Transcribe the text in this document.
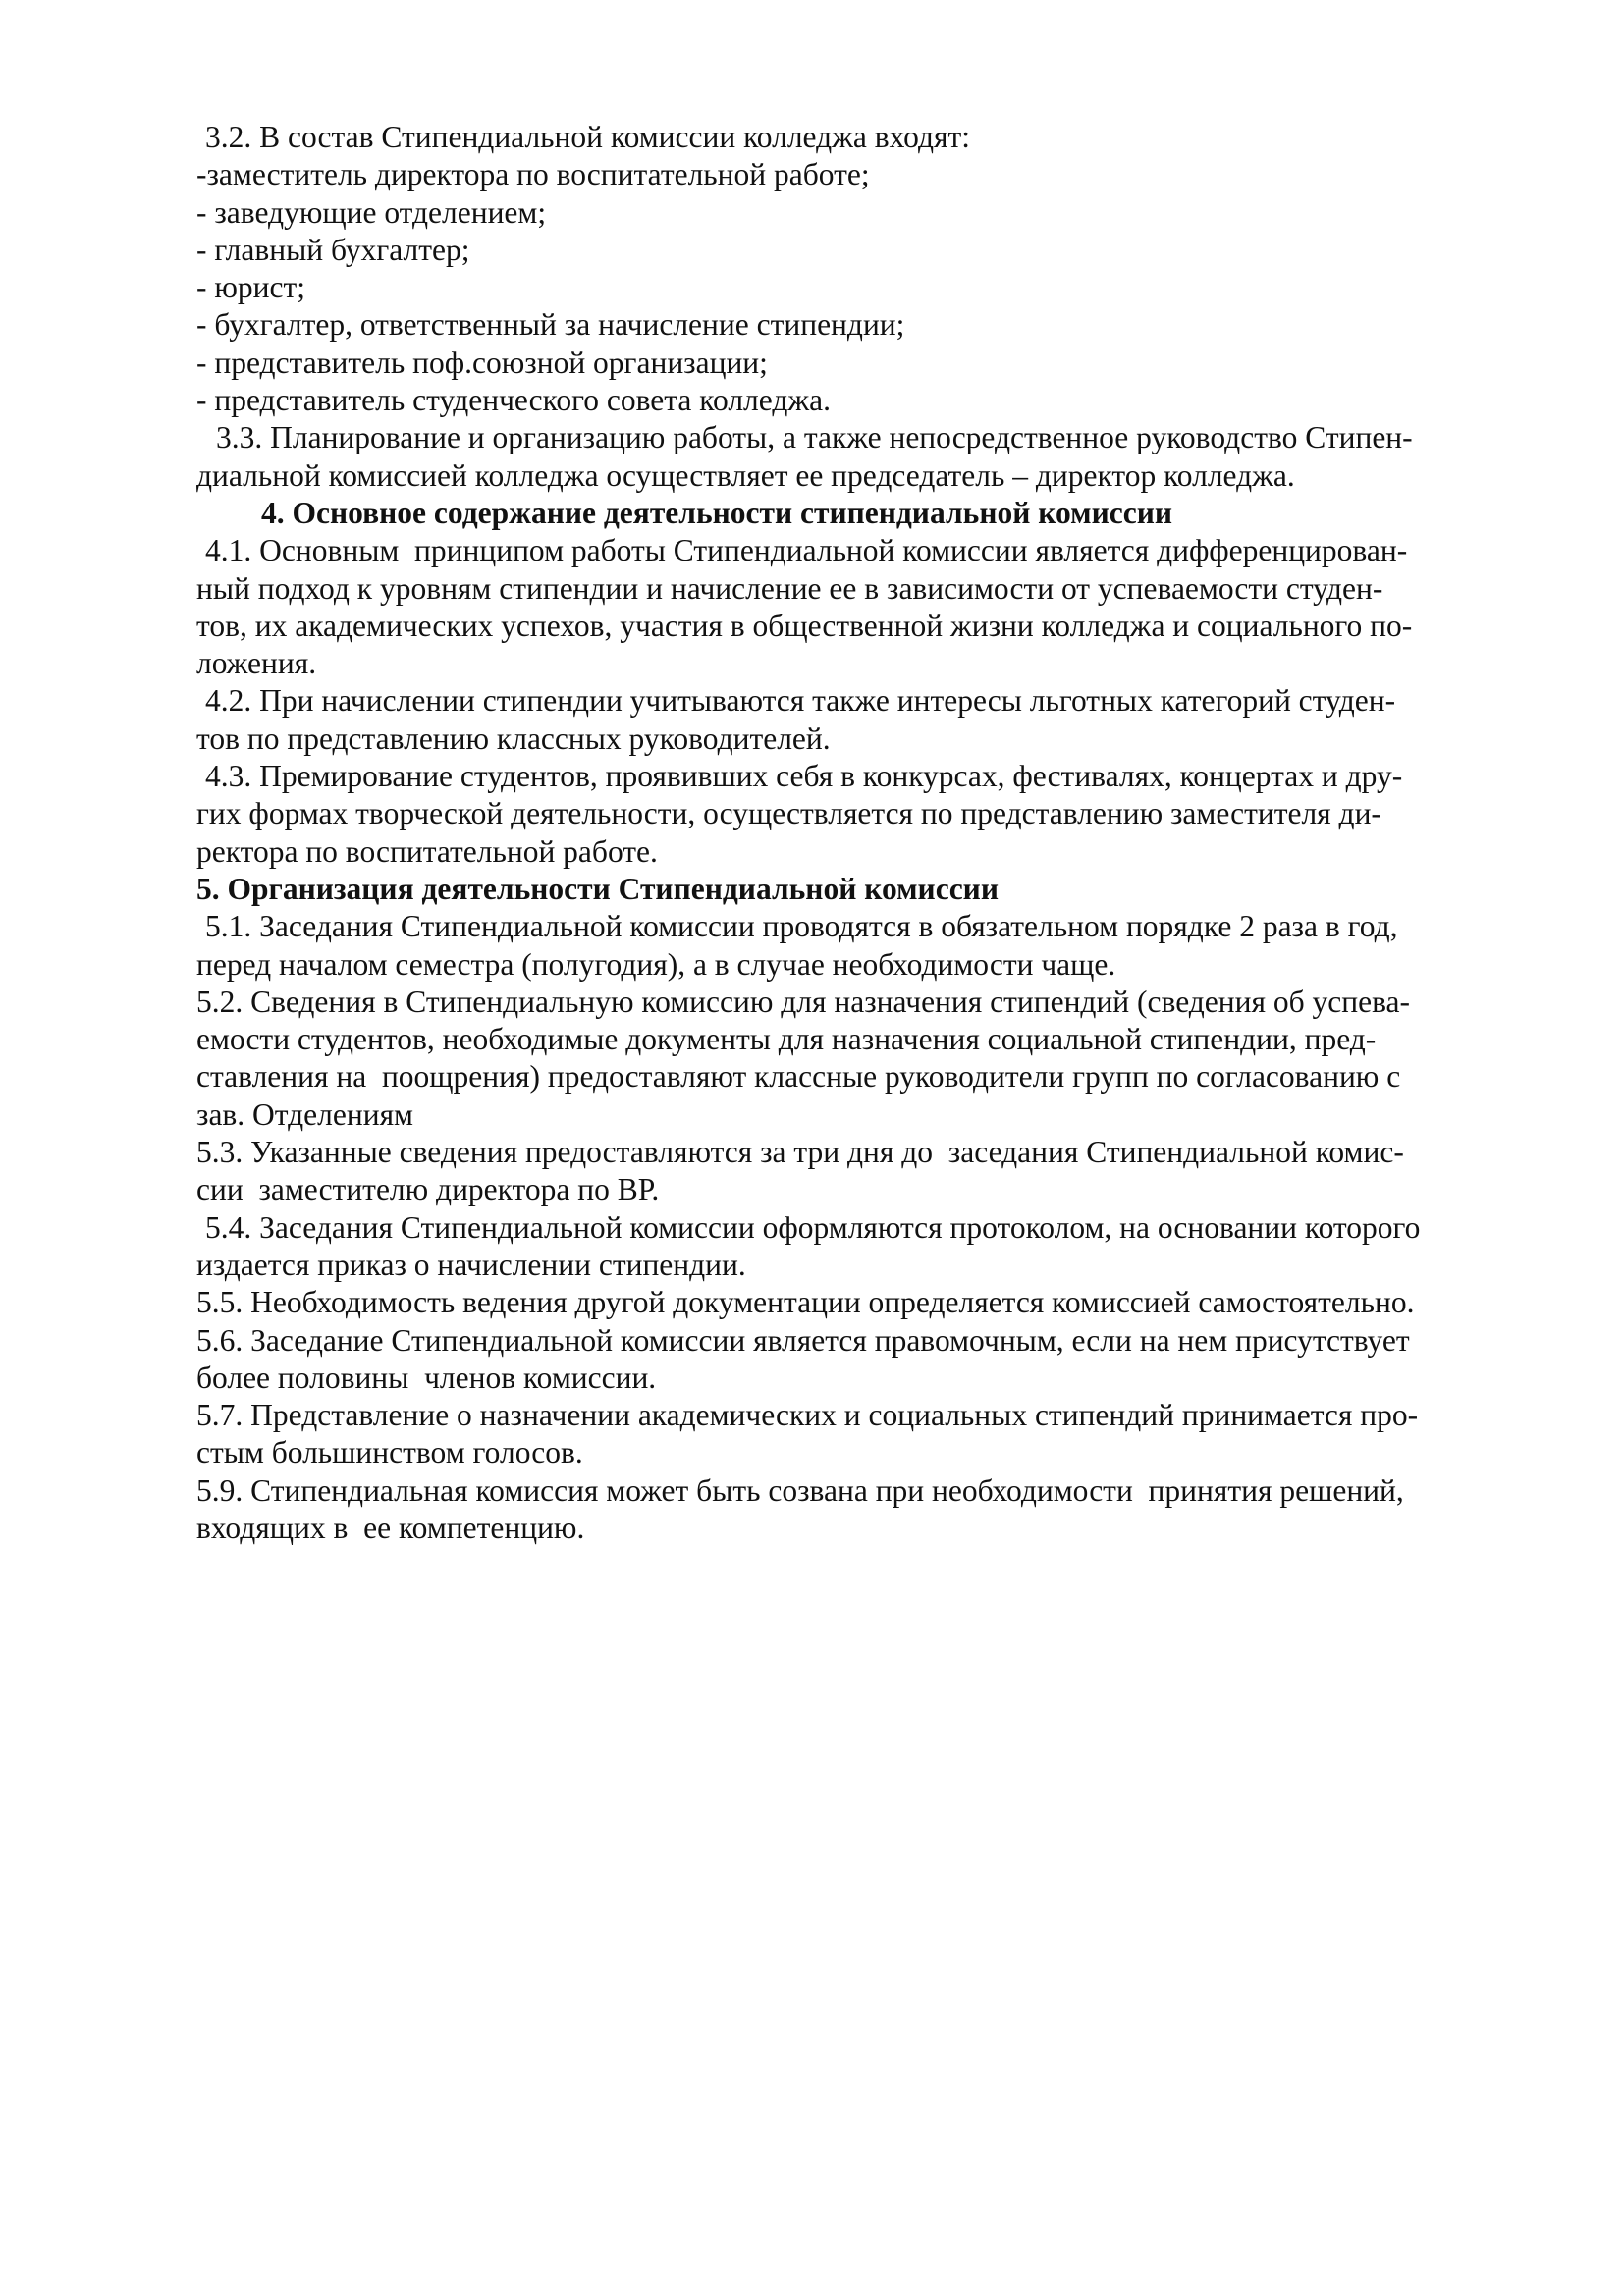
3.2. В состав Стипендиальной комиссии колледжа входят:
-заместитель директора по воспитательной работе;
- заведующие отделением;
- главный бухгалтер;
- юрист;
- бухгалтер, ответственный за начисление стипендии;
- представитель поф.союзной организации;
- представитель студенческого совета колледжа.
3.3. Планирование и организацию работы, а также непосредственное руководство Стипен-
диальной комиссией колледжа осуществляет ее председатель – директор колледжа.
4. Основное содержание деятельности стипендиальной комиссии
4.1. Основным  принципом работы Стипендиальной комиссии является дифференцирован-
ный подход к уровням стипендии и начисление ее в зависимости от успеваемости студен-
тов, их академических успехов, участия в общественной жизни колледжа и социального по-
ложения.
4.2. При начислении стипендии учитываются также интересы льготных категорий студен-
тов по представлению классных руководителей.
4.3. Премирование студентов, проявивших себя в конкурсах, фестивалях, концертах и дру-
гих формах творческой деятельности, осуществляется по представлению заместителя ди-
ректора по воспитательной работе.
5. Организация деятельности Стипендиальной комиссии
5.1. Заседания Стипендиальной комиссии проводятся в обязательном порядке 2 раза в год,
перед началом семестра (полугодия), а в случае необходимости чаще.
5.2. Сведения в Стипендиальную комиссию для назначения стипендий (сведения об успева-
емости студентов, необходимые документы для назначения социальной стипендии, пред-
ставления на  поощрения) предоставляют классные руководители групп по согласованию с
зав. Отделениям
5.3. Указанные сведения предоставляются за три дня до  заседания Стипендиальной комис-
сии  заместителю директора по ВР.
5.4. Заседания Стипендиальной комиссии оформляются протоколом, на основании которого
издается приказ о начислении стипендии.
5.5. Необходимость ведения другой документации определяется комиссией самостоятельно.
5.6. Заседание Стипендиальной комиссии является правомочным, если на нем присутствует
более половины  членов комиссии.
5.7. Представление о назначении академических и социальных стипендий принимается про-
стым большинством голосов.
5.9. Стипендиальная комиссия может быть созвана при необходимости  принятия решений,
входящих в  ее компетенцию.
